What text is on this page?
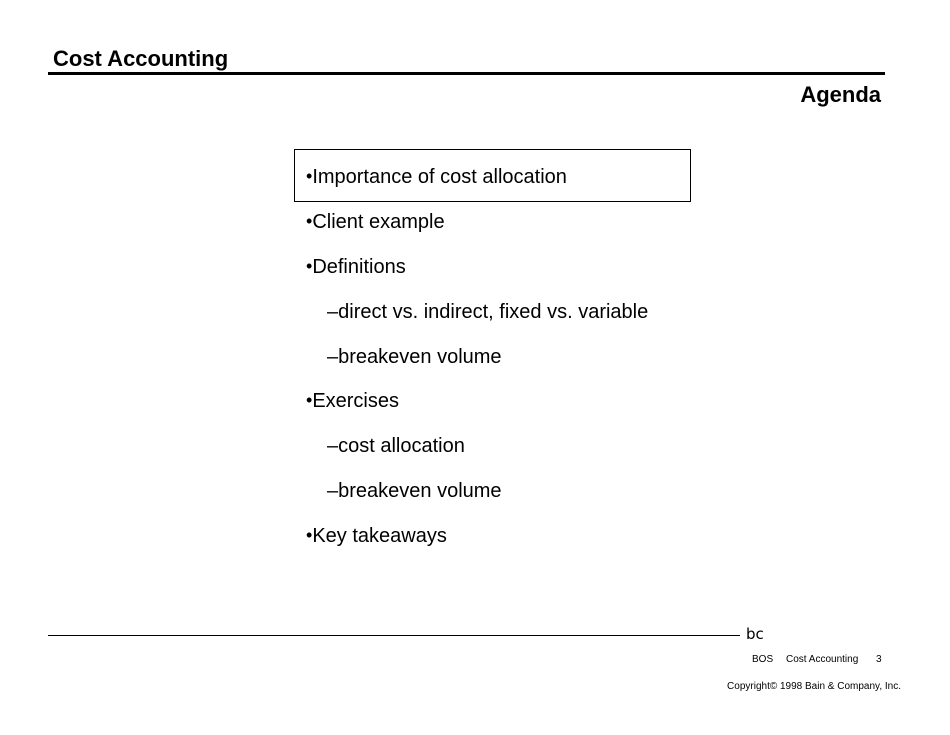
Cost Accounting
Agenda
•Importance of cost allocation
•Client example
•Definitions
–direct vs. indirect, fixed vs. variable
–breakeven volume
•Exercises
–cost allocation
–breakeven volume
•Key takeaways
bc
BOS Cost Accounting 3
Copyright© 1998 Bain & Company, Inc.
